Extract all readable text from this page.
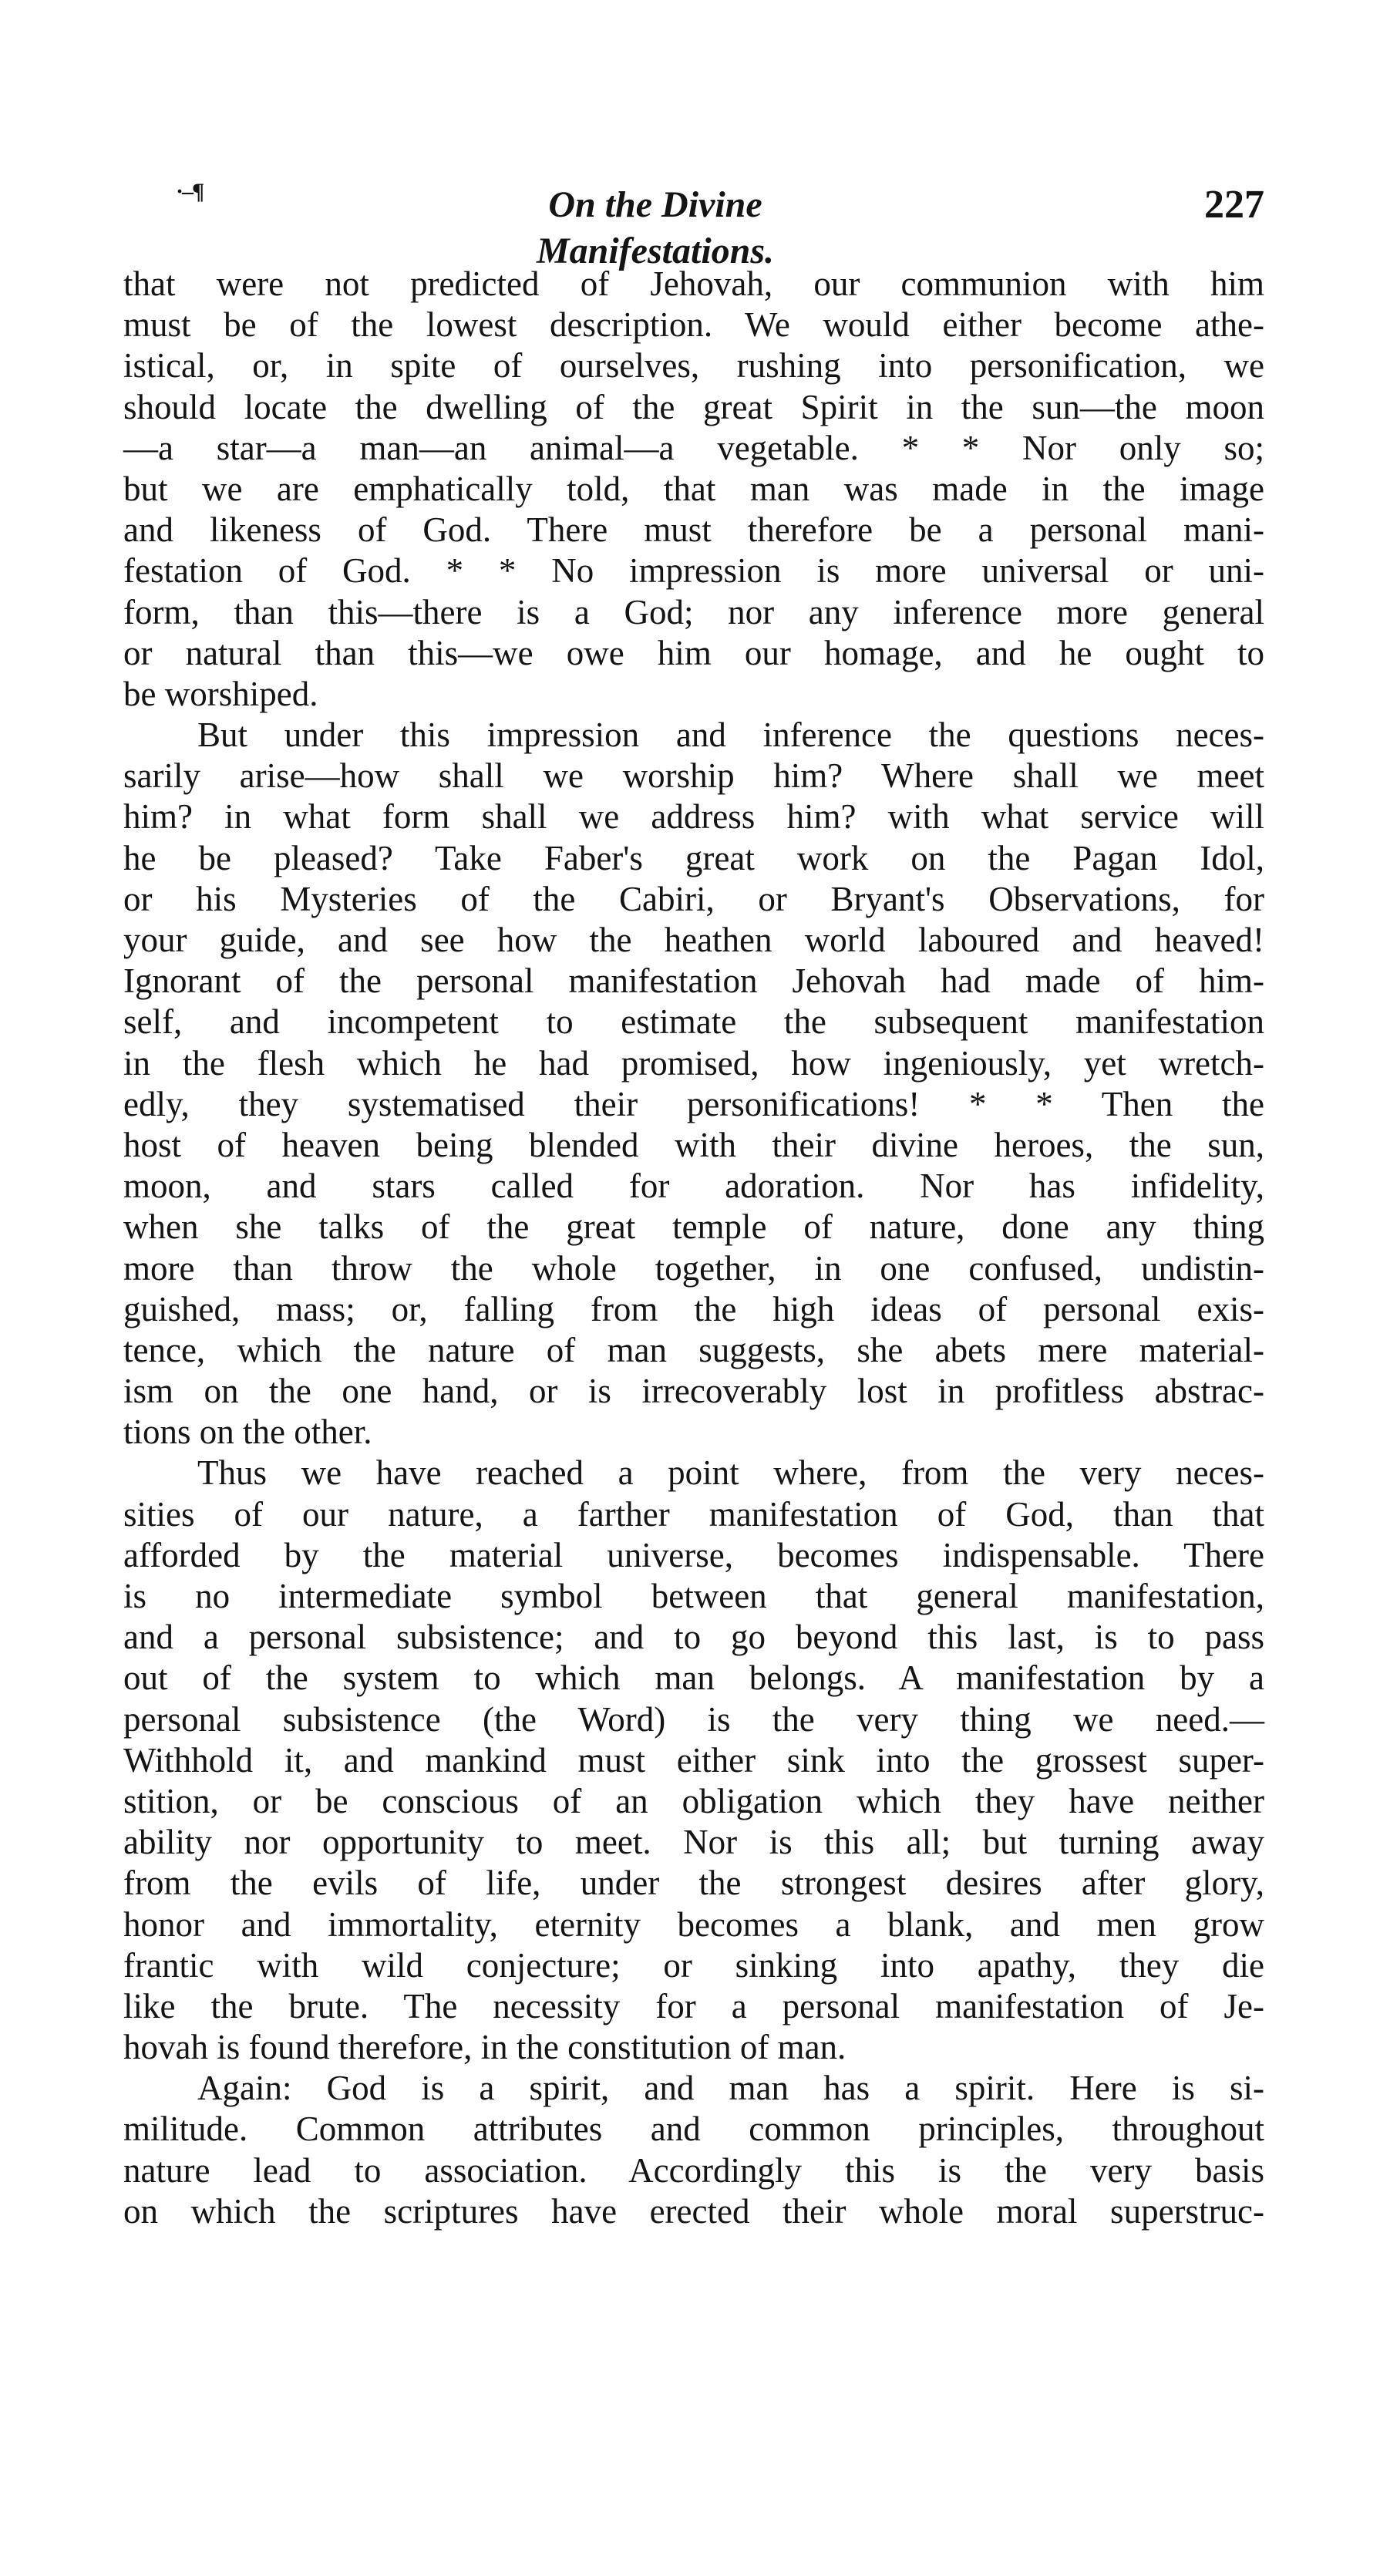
·‒¶	On the Divine Manifestations.
227
that were not predicted of Jehovah, our communion with him
must be of the lowest description. We would either become athe-
istical, or, in spite of ourselves, rushing into personification, we
should locate the dwelling of the great Spirit in the sun—the moon
—a star—a man—an animal—a vegetable. * * Nor only so;
but we are emphatically told, that man was made in the image
and likeness of God. There must therefore be a personal mani-
festation of God. * * No impression is more universal or uni-
form, than this—there is a God; nor any inference more general
or natural than this—we owe him our homage, and he ought to
be worshiped.
But under this impression and inference the questions neces-
sarily arise—how shall we worship him? Where shall we meet
him? in what form shall we address him? with what service will
he be pleased? Take Faber's great work on the Pagan Idol,
or his Mysteries of the Cabiri, or Bryant's Observations, for
your guide, and see how the heathen world laboured and heaved!
Ignorant of the personal manifestation Jehovah had made of him-
self, and incompetent to estimate the subsequent manifestation
in the flesh which he had promised, how ingeniously, yet wretch-
edly, they systematised their personifications! * * Then the
host of heaven being blended with their divine heroes, the sun,
moon, and stars called for adoration. Nor has infidelity,
when she talks of the great temple of nature, done any thing
more than throw the whole together, in one confused, undistin-
guished, mass; or, falling from the high ideas of personal exis-
tence, which the nature of man suggests, she abets mere material-
ism on the one hand, or is irrecoverably lost in profitless abstrac-
tions on the other.
Thus we have reached a point where, from the very neces-
sities of our nature, a farther manifestation of God, than that
afforded by the material universe, becomes indispensable. There
is no intermediate symbol between that general manifestation,
and a personal subsistence; and to go beyond this last, is to pass
out of the system to which man belongs. A manifestation by a
personal subsistence (the Word) is the very thing we need.—
Withhold it, and mankind must either sink into the grossest super-
stition, or be conscious of an obligation which they have neither
ability nor opportunity to meet. Nor is this all; but turning away
from the evils of life, under the strongest desires after glory,
honor and immortality, eternity becomes a blank, and men grow
frantic with wild conjecture; or sinking into apathy, they die
like the brute. The necessity for a personal manifestation of Je-
hovah is found therefore, in the constitution of man.
Again: God is a spirit, and man has a spirit. Here is si-
militude. Common attributes and common principles, throughout
nature lead to association. Accordingly this is the very basis
on which the scriptures have erected their whole moral superstruc-
